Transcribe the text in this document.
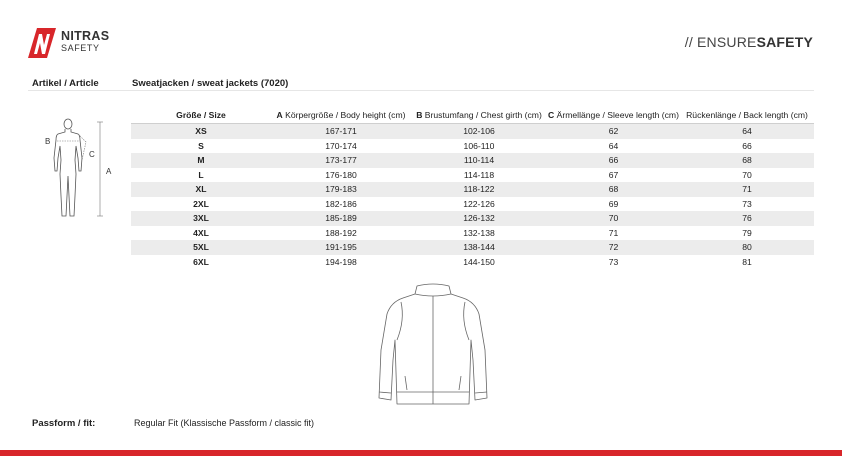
NITRAS
SAFETY	// ENSURESAFETY
Artikel / Article	Sweatjacken / sweat jackets (7020)
B
C
A
Größe / Size	A Körpergröße / Body height (cm)	B Brustumfang / Chest girth (cm)	C Ärmellänge / Sleeve length (cm)	Rückenlänge / Back length (cm)
XS	167-171	102-106	62	64
S	170-174	106-110	64	66
M	173-177	110-114	66	68
L	176-180	114-118	67	70
XL	179-183	118-122	68	71
2XL	182-186	122-126	69	73
3XL	185-189	126-132	70	76
4XL	188-192	132-138	71	79
5XL	191-195	138-144	72	80
6XL	194-198	144-150	73	81
Passform / fit:	Regular Fit (Klassische Passform / classic fit)
